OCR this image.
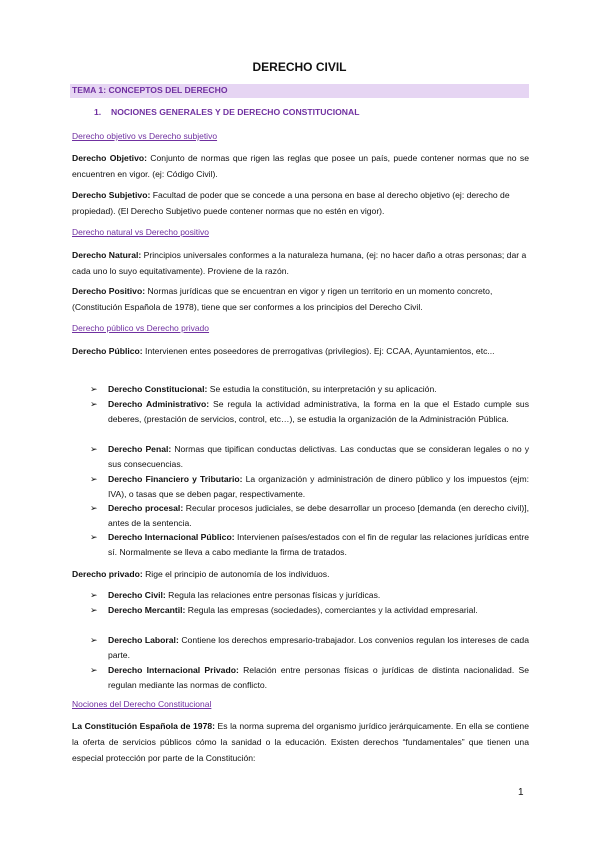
DERECHO CIVIL
TEMA 1: CONCEPTOS DEL DERECHO
1. NOCIONES GENERALES Y DE DERECHO CONSTITUCIONAL
Derecho objetivo vs Derecho subjetivo
Derecho Objetivo: Conjunto de normas que rigen las reglas que posee un país, puede contener normas que no se encuentren en vigor. (ej: Código Civil).
Derecho Subjetivo: Facultad de poder que se concede a una persona en base al derecho objetivo (ej: derecho de propiedad). (El Derecho Subjetivo puede contener normas que no estén en vigor).
Derecho natural vs Derecho positivo
Derecho Natural: Principios universales conformes a la naturaleza humana, (ej: no hacer daño a otras personas; dar a cada uno lo suyo equitativamente). Proviene de la razón.
Derecho Positivo: Normas jurídicas que se encuentran en vigor y rigen un territorio en un momento concreto, (Constitución Española de 1978), tiene que ser conformes a los principios del Derecho Civil.
Derecho público vs Derecho privado
Derecho Público: Intervienen entes poseedores de prerrogativas (privilegios). Ej: CCAA, Ayuntamientos, etc...
➢ Derecho Constitucional: Se estudia la constitución, su interpretación y su aplicación.
➢ Derecho Administrativo: Se regula la actividad administrativa, la forma en la que el Estado cumple sus deberes, (prestación de servicios, control, etc…), se estudia la organización de la Administración Pública.
➢ Derecho Penal: Normas que tipifican conductas delictivas. Las conductas que se consideran legales o no y sus consecuencias.
➢ Derecho Financiero y Tributario: La organización y administración de dinero público y los impuestos (ejm: IVA), o tasas que se deben pagar, respectivamente.
➢ Derecho procesal: Recular procesos judiciales, se debe desarrollar un proceso [demanda (en derecho civil)], antes de la sentencia.
➢ Derecho Internacional Público: Intervienen países/estados con el fin de regular las relaciones jurídicas entre sí. Normalmente se lleva a cabo mediante la firma de tratados.
Derecho privado: Rige el principio de autonomía de los individuos.
➢ Derecho Civil: Regula las relaciones entre personas físicas y jurídicas.
➢ Derecho Mercantil: Regula las empresas (sociedades), comerciantes y la actividad empresarial.
➢ Derecho Laboral: Contiene los derechos empresario-trabajador. Los convenios regulan los intereses de cada parte.
➢ Derecho Internacional Privado: Relación entre personas físicas o jurídicas de distinta nacionalidad. Se regulan mediante las normas de conflicto.
Nociones del Derecho Constitucional
La Constitución Española de 1978: Es la norma suprema del organismo jurídico jerárquicamente. En ella se contiene la oferta de servicios públicos cómo la sanidad o la educación. Existen derechos “fundamentales” que tienen una especial protección por parte de la Constitución:
1
